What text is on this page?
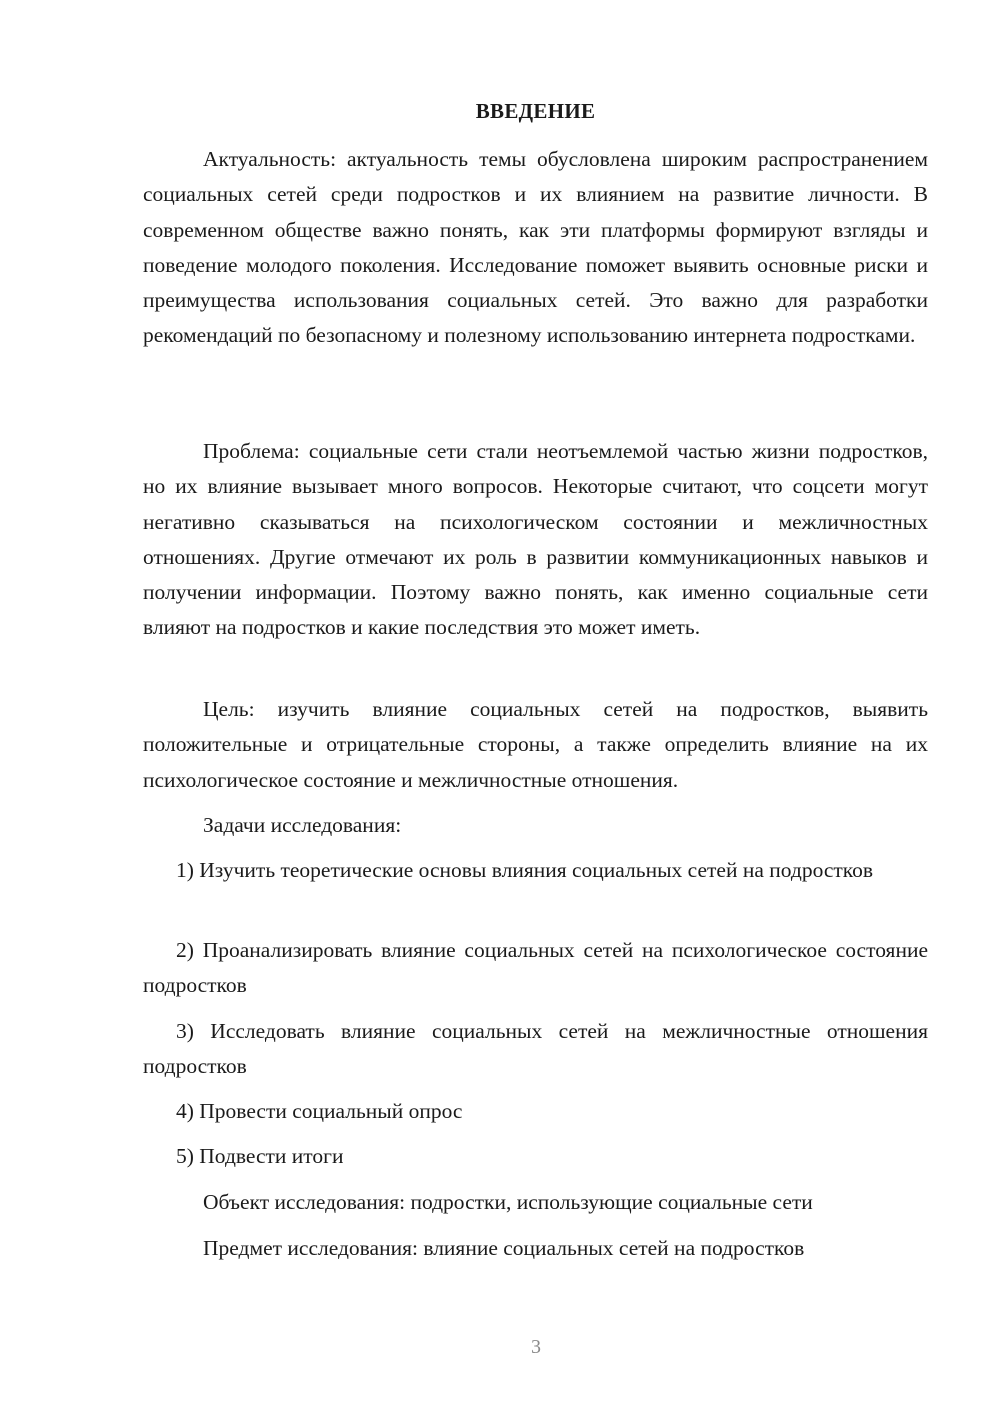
ВВЕДЕНИЕ

Актуальность: актуальность темы обусловлена широким распространением социальных сетей среди подростков и их влиянием на развитие личности. В современном обществе важно понять, как эти платформы формируют взгляды и поведение молодого поколения. Исследование поможет выявить основные риски и преимущества использования социальных сетей. Это важно для разработки рекомендаций по безопасному и полезному использованию интернета подростками.

Проблема: социальные сети стали неотъемлемой частью жизни подростков, но их влияние вызывает много вопросов. Некоторые считают, что соцсети могут негативно сказываться на психологическом состоянии и межличностных отношениях. Другие отмечают их роль в развитии коммуникационных навыков и получении информации. Поэтому важно понять, как именно социальные сети влияют на подростков и какие последствия это может иметь.

Цель: изучить влияние социальных сетей на подростков, выявить положительные и отрицательные стороны, а также определить влияние на их психологическое состояние и межличностные отношения.

Задачи исследования:

1) Изучить теоретические основы влияния социальных сетей на подростков

2) Проанализировать влияние социальных сетей на психологическое состояние подростков

3) Исследовать влияние социальных сетей на межличностные отношения подростков

4) Провести социальный опрос

5) Подвести итоги

Объект исследования: подростки, использующие социальные сети

Предмет исследования: влияние социальных сетей на подростков

3
